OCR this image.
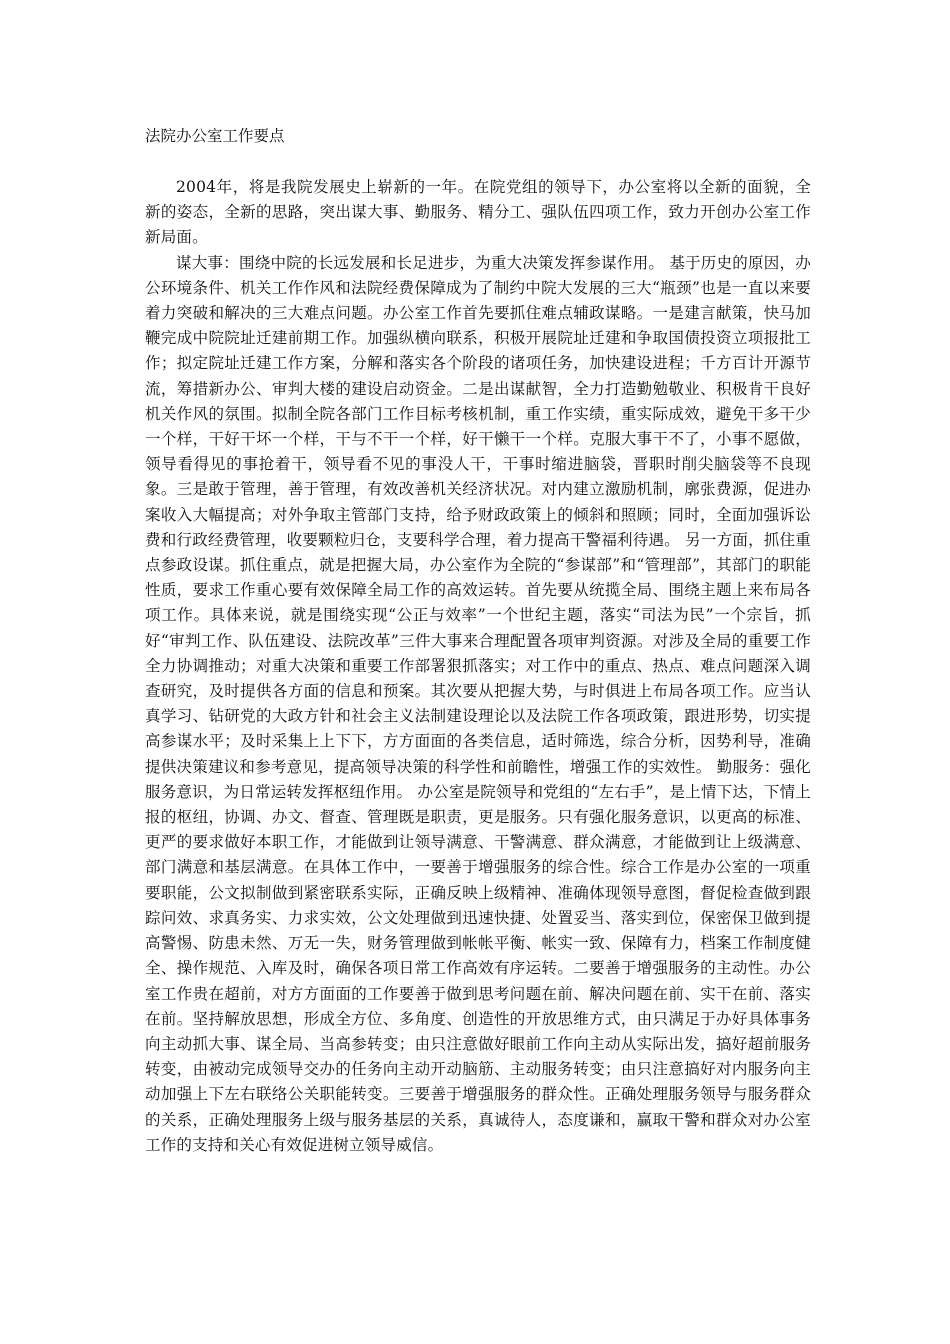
法院办公室工作要点

2004年，将是我院发展史上崭新的一年。在院党组的领导下，办公室将以全新的面貌，全新的姿态，全新的思路，突出谋大事、勤服务、精分工、强队伍四项工作，致力开创办公室工作新局面。

谋大事：围绕中院的长远发展和长足进步，为重大决策发挥参谋作用。 基于历史的原因，办公环境条件、机关工作作风和法院经费保障成为了制约中院大发展的三大“瓶颈”也是一直以来要着力突破和解决的三大难点问题。办公室工作首先要抓住难点辅政谋略。一是建言献策，快马加鞭完成中院院址迁建前期工作。加强纵横向联系，积极开展院址迁建和争取国债投资立项报批工作；拟定院址迁建工作方案，分解和落实各个阶段的诸项任务，加快建设进程；千方百计开源节流，筹措新办公、审判大楼的建设启动资金。二是出谋献智，全力打造勤勉敬业、积极肯干良好机关作风的氛围。拟制全院各部门工作目标考核机制，重工作实绩，重实际成效，避免干多干少一个样，干好干坏一个样，干与不干一个样，好干懒干一个样。克服大事干不了，小事不愿做，领导看得见的事抢着干，领导看不见的事没人干，干事时缩进脑袋，晋职时削尖脑袋等不良现象。三是敢于管理，善于管理，有效改善机关经济状况。对内建立激励机制，廓张费源，促进办案收入大幅提高；对外争取主管部门支持，给予财政政策上的倾斜和照顾；同时，全面加强诉讼费和行政经费管理，收要颗粒归仓，支要科学合理，着力提高干警福利待遇。 另一方面，抓住重点参政设谋。抓住重点，就是把握大局，办公室作为全院的“参谋部”和“管理部”，其部门的职能性质，要求工作重心要有效保障全局工作的高效运转。首先要从统揽全局、围绕主题上来布局各项工作。具体来说，就是围绕实现“公正与效率”一个世纪主题，落实“司法为民”一个宗旨，抓好“审判工作、队伍建设、法院改革”三件大事来合理配置各项审判资源。对涉及全局的重要工作全力协调推动；对重大决策和重要工作部署狠抓落实；对工作中的重点、热点、难点问题深入调查研究，及时提供各方面的信息和预案。其次要从把握大势，与时俱进上布局各项工作。应当认真学习、钻研党的大政方针和社会主义法制建设理论以及法院工作各项政策，跟进形势，切实提高参谋水平；及时采集上上下下，方方面面的各类信息，适时筛选，综合分析，因势利导，准确提供决策建议和参考意见，提高领导决策的科学性和前瞻性，增强工作的实效性。 勤服务：强化服务意识，为日常运转发挥枢纽作用。 办公室是院领导和党组的“左右手”，是上情下达，下情上报的枢纽，协调、办文、督查、管理既是职责，更是服务。只有强化服务意识，以更高的标准、更严的要求做好本职工作，才能做到让领导满意、干警满意、群众满意，才能做到让上级满意、部门满意和基层满意。在具体工作中，一要善于增强服务的综合性。综合工作是办公室的一项重要职能，公文拟制做到紧密联系实际，正确反映上级精神、准确体现领导意图，督促检查做到跟踪问效、求真务实、力求实效，公文处理做到迅速快捷、处置妥当、落实到位，保密保卫做到提高警惕、防患未然、万无一失，财务管理做到帐帐平衡、帐实一致、保障有力，档案工作制度健全、操作规范、入库及时，确保各项日常工作高效有序运转。二要善于增强服务的主动性。办公室工作贵在超前，对方方面面的工作要善于做到思考问题在前、解决问题在前、实干在前、落实在前。坚持解放思想，形成全方位、多角度、创造性的开放思维方式，由只满足于办好具体事务向主动抓大事、谋全局、当高参转变；由只注意做好眼前工作向主动从实际出发，搞好超前服务转变，由被动完成领导交办的任务向主动开动脑筋、主动服务转变；由只注意搞好对内服务向主动加强上下左右联络公关职能转变。三要善于增强服务的群众性。正确处理服务领导与服务群众的关系，正确处理服务上级与服务基层的关系，真诚待人，态度谦和，赢取干警和群众对办公室工作的支持和关心有效促进树立领导威信。
